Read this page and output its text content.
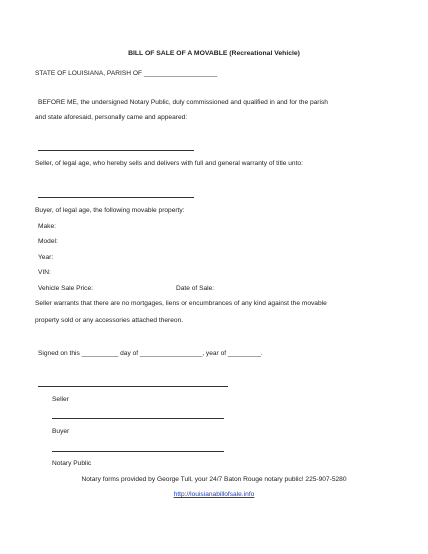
BILL OF SALE OF A MOVABLE (Recreational Vehicle)
STATE OF LOUISIANA, PARISH OF ____________________
BEFORE ME, the undersigned Notary Public, duly commissioned and qualified in and for the parish
and state aforesaid, personally came and appeared:
Seller, of legal age, who hereby sells and delivers with full and general warranty of title unto:
Buyer, of legal age, the following movable property:
Make:
Model:
Year:
VIN:
Vehicle Sale Price:	Date of Sale:
Seller warrants that there are no mortgages, liens or encumbrances of any kind against the movable
property sold or any accessories attached thereon.
Signed on this __________ day of _________________, year of _________.
Seller
Buyer
Notary Public
Notary forms provided by George Tull, your 24/7 Baton Rouge notary public! 225-907-5280
http://louisianabillofsale.info
